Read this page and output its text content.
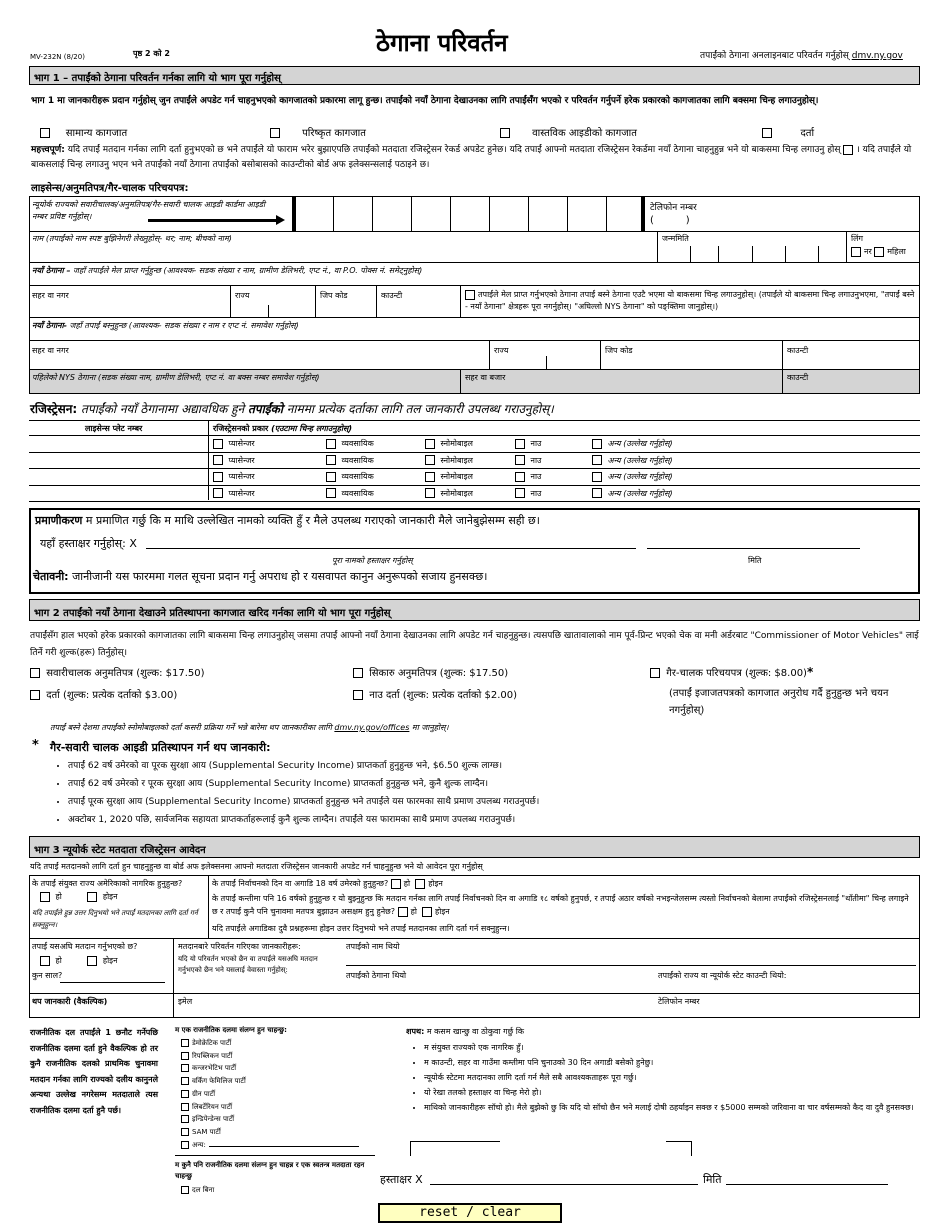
MV-232N (8/20)	पृष्ठ 2 को 2	ठेगाना परिवर्तन	तपाईंको ठेगाना अनलाइनबाट परिवर्तन गर्नुहोस् dmv.ny.gov
भाग 1 – तपाईंको ठेगाना परिवर्तन गर्नका लागि यो भाग पूरा गर्नुहोस्
भाग 1 मा जानकारीहरू प्रदान गर्नुहोस् जुन तपाईंले अपडेट गर्न चाहनुभएको कागजातको प्रकारमा लागू हुन्छ। तपाईंको नयाँ ठेगाना देखाउनका लागि तपाईंसँग भएको र परिवर्तन गर्नुपर्ने हरेक प्रकारको कागजातका लागि बक्समा चिन्ह लगाउनुहोस्।
सामान्य कागजात	परिष्कृत कागजात	वास्तविक आइडीको कागजात	दर्ता
महत्त्वपूर्ण: यदि तपाईं मतदान गर्नका लागि दर्ता हुनुभएको छ भने तपाईंले यो फाराम भरेर बुझाएपछि तपाईंको मतदाता रजिस्ट्रेसन रेकर्ड अपडेट हुनेछ। यदि तपाईं आफ्नो मतदाता रजिस्ट्रेसन रेकर्डमा नयाँ ठेगाना चाहनुहुन्न भने यो बाकसमा चिन्ह लगाउनु होस् । यदि तपाईंले यो बाकसलाई चिन्ह लगाउनु भएन भने तपाईंको नयाँ ठेगाना तपाईंको बसोबासको काउन्टीको बोर्ड अफ इलेक्सन्सलाई पठाइने छ।
लाइसेन्स/अनुमतिपत्र/गैर-चालक परिचयपत्र:
न्यूयोर्क राज्यको सवारीचालक/अनुमतिपत्र/गैर-सवारी चालक आइडी कार्डमा आइडी नम्बर प्रविष्ट गर्नुहोस्।
टेलिफोन नम्बर
(          )
नाम (तपाईंको नाम स्पष्ट बुझिनेगरी लेख्नुहोस्- थर; नाम; बीचको नाम)	जन्ममिति	लिंग
नर महिला
नयाँ ठेगाना – जहाँ तपाईंले मेल प्राप्त गर्नुहुन्छ (आवश्यक- सडक संख्या र नाम, ग्रामीण डेलिभरी, एप्ट नं., वा P.O. पोक्स नं. समेट्नुहोस्)
सहर वा नगर	राज्य	जिप कोड	काउन्टी	तपाईंले मेल प्राप्त गर्नुभएको ठेगाना तपाईं बस्ने ठेगाना एउटै भएमा यो बाकसमा चिन्ह लगाउनुहोस्। (तपाईंले यो बाकसमा चिन्ह लगाउनुभएमा, "तपाईं बस्ने - नयाँ ठेगाना" क्षेत्रहरू पूरा नगर्नुहोस्। "अघिल्लो NYS ठेगाना" को पङ्क्तिमा जानुहोस्।)
नयाँ ठेगाना- जहाँ तपाईं बस्नुहुन्छ (आवश्यक- सडक संख्या र नाम र एप्ट नं. समावेश गर्नुहोस्)
सहर वा नगर	राज्य	जिप कोड	काउन्टी
पहिलेको NYS ठेगाना (सडक संख्या नाम, ग्रामीण डेलिभरी, एप्ट नं. वा बक्स नम्बर समावेश गर्नुहोस्)	सहर वा बजार	काउन्टी
रजिस्ट्रेसन: तपाईंको नयाँ ठेगानामा अद्यावधिक हुने तपाईंको नाममा प्रत्येक दर्ताका लागि तल जानकारी उपलब्ध गराउनुहोस्।
लाइसेन्स प्लेट नम्बर	रजिस्ट्रेसनको प्रकार (एउटामा चिन्ह लगाउनुहोस्)
प्यासेन्जर	व्यवसायिक	स्नोमोबाइल	नाउ	अन्य (उल्लेख गर्नुहोस्)
प्यासेन्जर	व्यवसायिक	स्नोमोबाइल	नाउ	अन्य (उल्लेख गर्नुहोस्)
प्यासेन्जर	व्यवसायिक	स्नोमोबाइल	नाउ	अन्य (उल्लेख गर्नुहोस्)
प्यासेन्जर	व्यवसायिक	स्नोमोबाइल	नाउ	अन्य (उल्लेख गर्नुहोस्)
प्रमाणीकरण म प्रमाणित गर्छु कि म माथि उल्लेखित नामको व्यक्ति हुँ र मैले उपलब्ध गराएको जानकारी मैले जानेबुझेसम्म सही छ।
यहाँ हस्ताक्षर गर्नुहोस्: X
पूरा नामको हस्ताक्षर गर्नुहोस्	मिति
चेतावनी: जानीजानी यस फारममा गलत सूचना प्रदान गर्नु अपराध हो र यसवापत कानुन अनुरूपको सजाय हुनसक्छ।
भाग 2 तपाईंको नयाँ ठेगाना देखाउने प्रतिस्थापना कागजात खरिद गर्नका लागि यो भाग पूरा गर्नुहोस्
तपाईंसँग हाल भएको हरेक प्रकारको कागजातका लागि बाकसमा चिन्ह लगाउनुहोस् जसमा तपाईं आफ्नो नयाँ ठेगाना देखाउनका लागि अपडेट गर्न चाहनुहुन्छ। त्यसपछि खातावालाको नाम पूर्व-प्रिन्ट भएको चेक वा मनी अर्डरबाट "Commissioner of Motor Vehicles" लाई तिर्ने गरी शुल्क(हरू) तिर्नुहोस्।
सवारीचालक अनुमतिपत्र (शुल्क: $17.50)	सिकारु अनुमतिपत्र (शुल्क: $17.50)	गैर-चालक परिचयपत्र (शुल्क: $8.00)*
दर्ता (शुल्क: प्रत्येक दर्ताको $3.00)	नाउ दर्ता (शुल्क: प्रत्येक दर्ताको $2.00)	(तपाईं इजाजतपत्रको कागजात अनुरोध गर्दै हुनुहुन्छ भने चयन नगर्नुहोस्)
तपाईं बस्ने देशमा तपाईंको स्नोमोबाइलको दर्ता कसरी प्रक्रिया गर्ने भन्ने बारेमा थप जानकारीका लागि dmv.ny.gov/offices मा जानुहोस्।
* गैर-सवारी चालक आइडी प्रतिस्थापन गर्न थप जानकारी:
• तपाईं 62 वर्ष उमेरको वा पूरक सुरक्षा आय (Supplemental Security Income) प्राप्तकर्ता हुनुहुन्छ भने, $6.50 शुल्क लाग्छ।
• तपाईं 62 वर्ष उमेरको र पूरक सुरक्षा आय (Supplemental Security Income) प्राप्तकर्ता हुनुहुन्छ भने, कुनै शुल्क लाग्दैन।
• तपाईं पूरक सुरक्षा आय (Supplemental Security Income) प्राप्तकर्ता हुनुहुन्छ भने तपाईंले यस फारमका साथै प्रमाण उपलब्ध गराउनुपर्छ।
• अक्टोबर 1, 2020 पछि, सार्वजनिक सहायता प्राप्तकर्ताहरूलाई कुनै शुल्क लाग्दैन। तपाईंले यस फारामका साथै प्रमाण उपलब्ध गराउनुपर्छ।
भाग 3 न्यूयोर्क स्टेट मतदाता रजिस्ट्रेसन आवेदन
यदि तपाईं मतदानको लागि दर्ता हुन चाहनुहुन्छ वा बोर्ड अफ इलेक्सनमा आफ्नो मतदाता रजिस्ट्रेसन जानकारी अपडेट गर्न चाहनुहुन्छ भने यो आवेदन पूरा गर्नुहोस्
के तपाईं संयुक्त राज्य अमेरिकाको नागरिक हुनुहुन्छ?
हो	होइन
यदि तपाईंले हुन्न उत्तर दिनुभयो भने तपाईं मतदानका लागि दर्ता गर्न सक्नुहुन्‍न।
के तपाईं निर्वाचनको दिन वा अगाडि 18 वर्ष उमेरको हुनुहुन्छ? हो होइन
के तपाईं कन्तीमा पनि 16 वर्षको हुनुहुन्छ र यो बुझ्नुहुन्छ कि मतदान गर्नका लागि तपाईं निर्वाचनको दिन वा अगाडि १८ वर्षको हुनुपर्छ, र तपाईं अठार वर्षको नभइन्जेलसम्म त्यस्तो निर्वाचनको बेलामा तपाईंको रजिस्ट्रेसनलाई "थाँतीमा" चिन्ह लगाइने छ र तपाईं कुनै पनि चुनावमा मतपत्र बुझाउन असक्षम हुनु हुनेछ? हो होइन
यदि तपाईंले अगाडिका दुवै प्रश्नहरूमा होइन उत्तर दिनुभयो भने तपाईं मतदानका लागि दर्ता गर्न सक्नुहुन्‍न।
तपाईं यसअघि मतदान गर्नुभएको छ?
हो	होइन
कुन साल?
मतदानबारे परिवर्तन गरिएका जानकारीहरू:
यदि यो परिवर्तन भएको छैन वा तपाईंले यसअघि मतदान गर्नुभएको छैन भने यसलाई वेवास्ता गर्नुहोस्:
तपाईंको नाम थियो
तपाईंको ठेगाना थियो	तपाईंको राज्य वा न्यूयोर्क स्टेट काउन्टी थियो:
थप जानकारी (वैकल्पिक)	इमेल	टेलिफोन नम्बर
राजनीतिक दल तपाईंले 1 छनौट गर्नेपछि राजनीतिक दलमा दर्ता हुने वैकल्पिक हो तर कुनै राजनीतिक दलको प्राथमिक चुनावमा मतदान गर्नका लागि राज्यको दलीय कानुनले अन्यथा उल्लेख नगरेसम्म मतदाताले त्यस राजनीतिक दलमा दर्ता हुनै पर्छ।
म एक राजनीतिक दलमा संलग्न हुन चाहन्छु:
डेमोक्रेटिक पार्टी
रिपब्लिकन पार्टी
कन्जरभेटिभ पार्टी
वर्किंग फेमिलिज पार्टी
ग्रीन पार्टी
लिबर्टेरियन पार्टी
इन्डिपेन्डेन्स पार्टी
SAM पार्टी
अन्य:
म कुनै पनि राजनीतिक दलमा संलग्न हुन चाहन्न र एक स्वतन्त्र मतदाता रहन चाहन्छु
दल बिना
शपथ: म कसम खान्छु वा ठोकुवा गर्छु कि
• म संयुक्त राज्यको एक नागरिक हुँ।
• म काउन्टी, सहर वा गाउँमा कम्तीमा पनि चुनाउको 30 दिन अगाडी बसेको हुनेछु।
• न्यूयोर्क स्टेटमा मतदानका लागि दर्ता गर्न मैले सबै आवश्यकताहरू पूरा गर्छु।
• यो रेखा तलको हस्ताक्षर वा चिन्ह मेरो हो।
• माथिको जानकारीहरू सॉचो हो। मैले बुझेको छु कि यदि यो सॉचो छैन भने मलाई दोषी ठहर्याइन सक्छ र $5000 सम्मको जरिवाना वा चार वर्षसम्मको कैद वा दुवै हुनसक्छ।
हस्ताक्षर X	मिति
reset / clear
